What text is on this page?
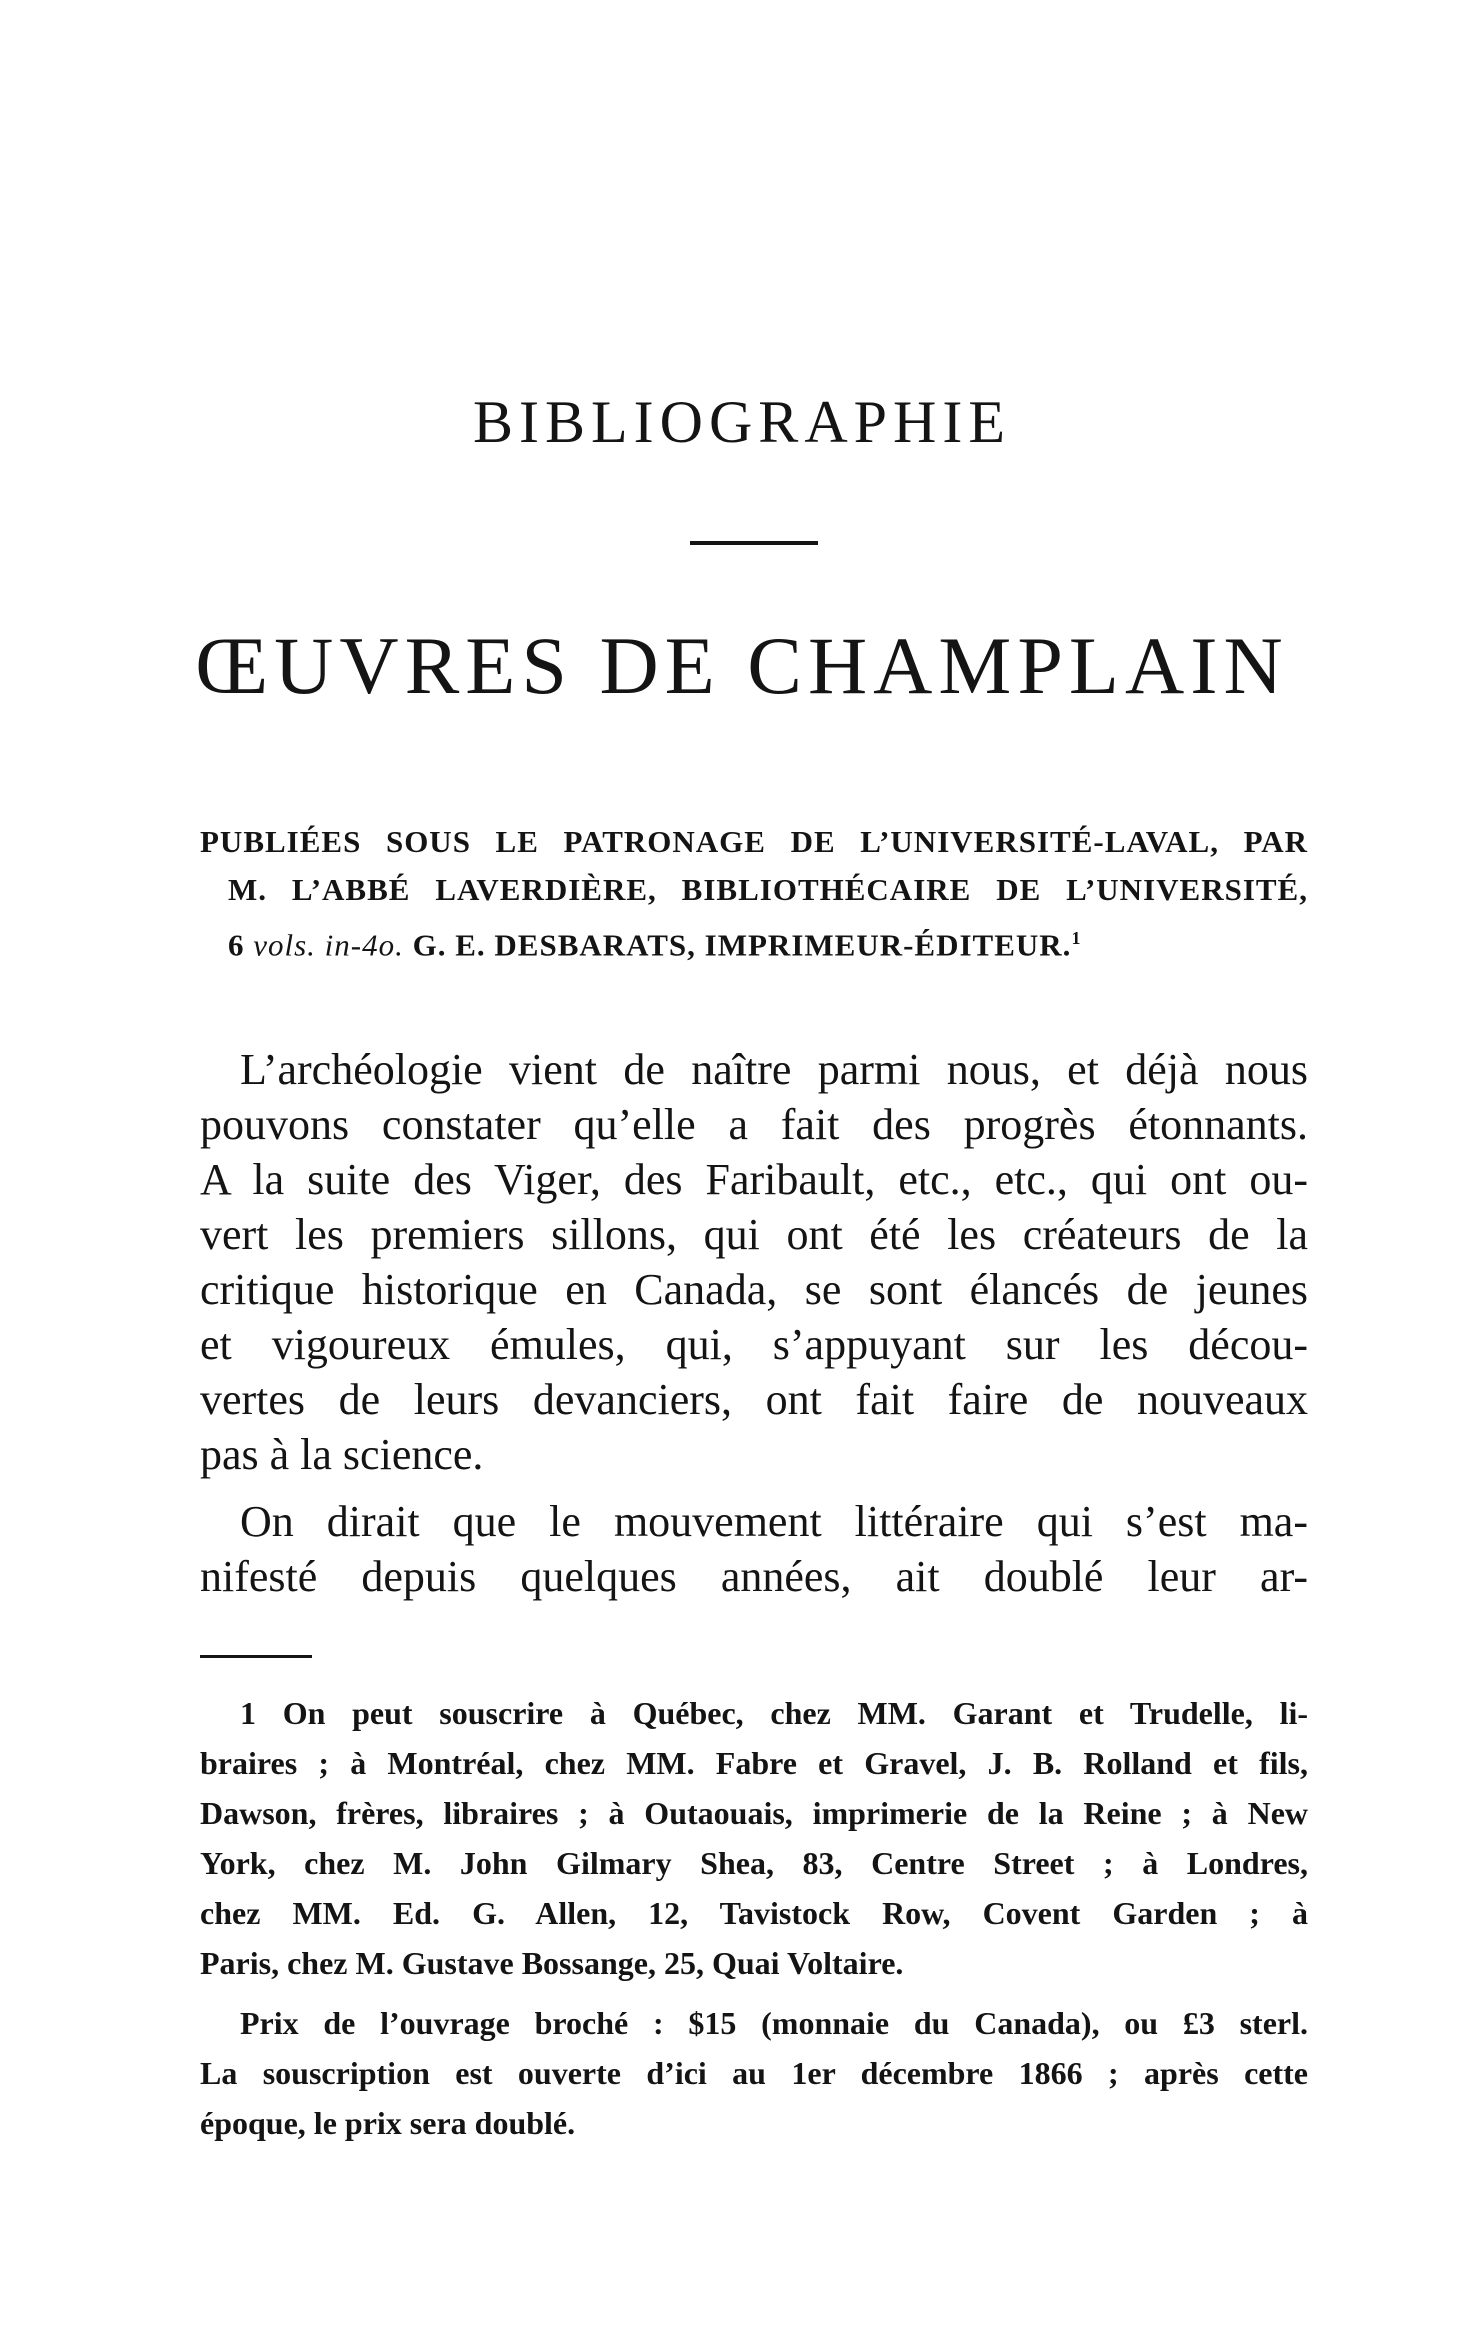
BIBLIOGRAPHIE
ŒUVRES DE CHAMPLAIN
PUBLIÉES SOUS LE PATRONAGE DE L’UNIVERSITÉ-LAVAL, PAR
M. L’ABBÉ LAVERDIÈRE, BIBLIOTHÉCAIRE DE L’UNIVERSITÉ,
6 vols. in-4o. G. E. DESBARATS, IMPRIMEUR-ÉDITEUR.$^1$
L’archéologie vient de naître parmi nous, et déjà nous
pouvons constater qu’elle a fait des progrès étonnants.
A la suite des Viger, des Faribault, etc., etc., qui ont ou-
vert les premiers sillons, qui ont été les créateurs de la
critique historique en Canada, se sont élancés de jeunes
et vigoureux émules, qui, s’appuyant sur les décou-
vertes de leurs devanciers, ont fait faire de nouveaux
pas à la science.
On dirait que le mouvement littéraire qui s’est ma-
nifesté depuis quelques années, ait doublé leur ar-
1 On peut souscrire à Québec, chez MM. Garant et Trudelle, li-
braires ; à Montréal, chez MM. Fabre et Gravel, J. B. Rolland et fils,
Dawson, frères, libraires ; à Outaouais, imprimerie de la Reine ; à New
York, chez M. John Gilmary Shea, 83, Centre Street ; à Londres,
chez MM. Ed. G. Allen, 12, Tavistock Row, Covent Garden ; à
Paris, chez M. Gustave Bossange, 25, Quai Voltaire.
Prix de l’ouvrage broché : $15 (monnaie du Canada), ou £3 sterl.
La souscription est ouverte d’ici au 1er décembre 1866 ; après cette
époque, le prix sera doublé.
